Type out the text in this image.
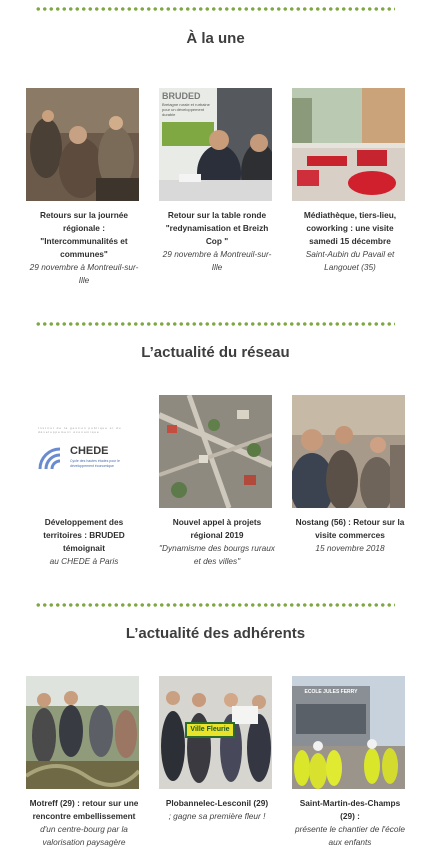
À la une
Retours sur la journée régionale : "Intercommunalités et communes"
29 novembre à Montreuil-sur-Ille
BRUDED
Bretagne rurale et rurbaine pour un développement durable
Retour sur la table ronde "redynamisation et Breizh Cop "
29 novembre à Montreuil-sur-Ille
Médiathèque, tiers-lieu, coworking : une visite samedi 15 décembre
Saint-Aubin du Pavail et Langouet (35)
L’actualité du réseau
Institut de la gestion publique et du développement économique
CHEDE
Cycle des hautes études pour le développement économique
Développement des territoires : BRUDED témoignait
au CHEDE à Paris
Nouvel appel à projets régional 2019
"Dynamisme des bourgs ruraux et des villes"
Nostang (56) : Retour sur la visite commerces
15 novembre 2018
L’actualité des adhérents
Motreff (29) : retour sur une rencontre embellissement
d'un centre-bourg par la valorisation paysagère
Ville Fleurie
Plobannelec-Lesconil (29)
; gagne sa première fleur !
ECOLE JULES FERRY
Saint-Martin-des-Champs (29) :
présente le chantier de l'école aux enfants
